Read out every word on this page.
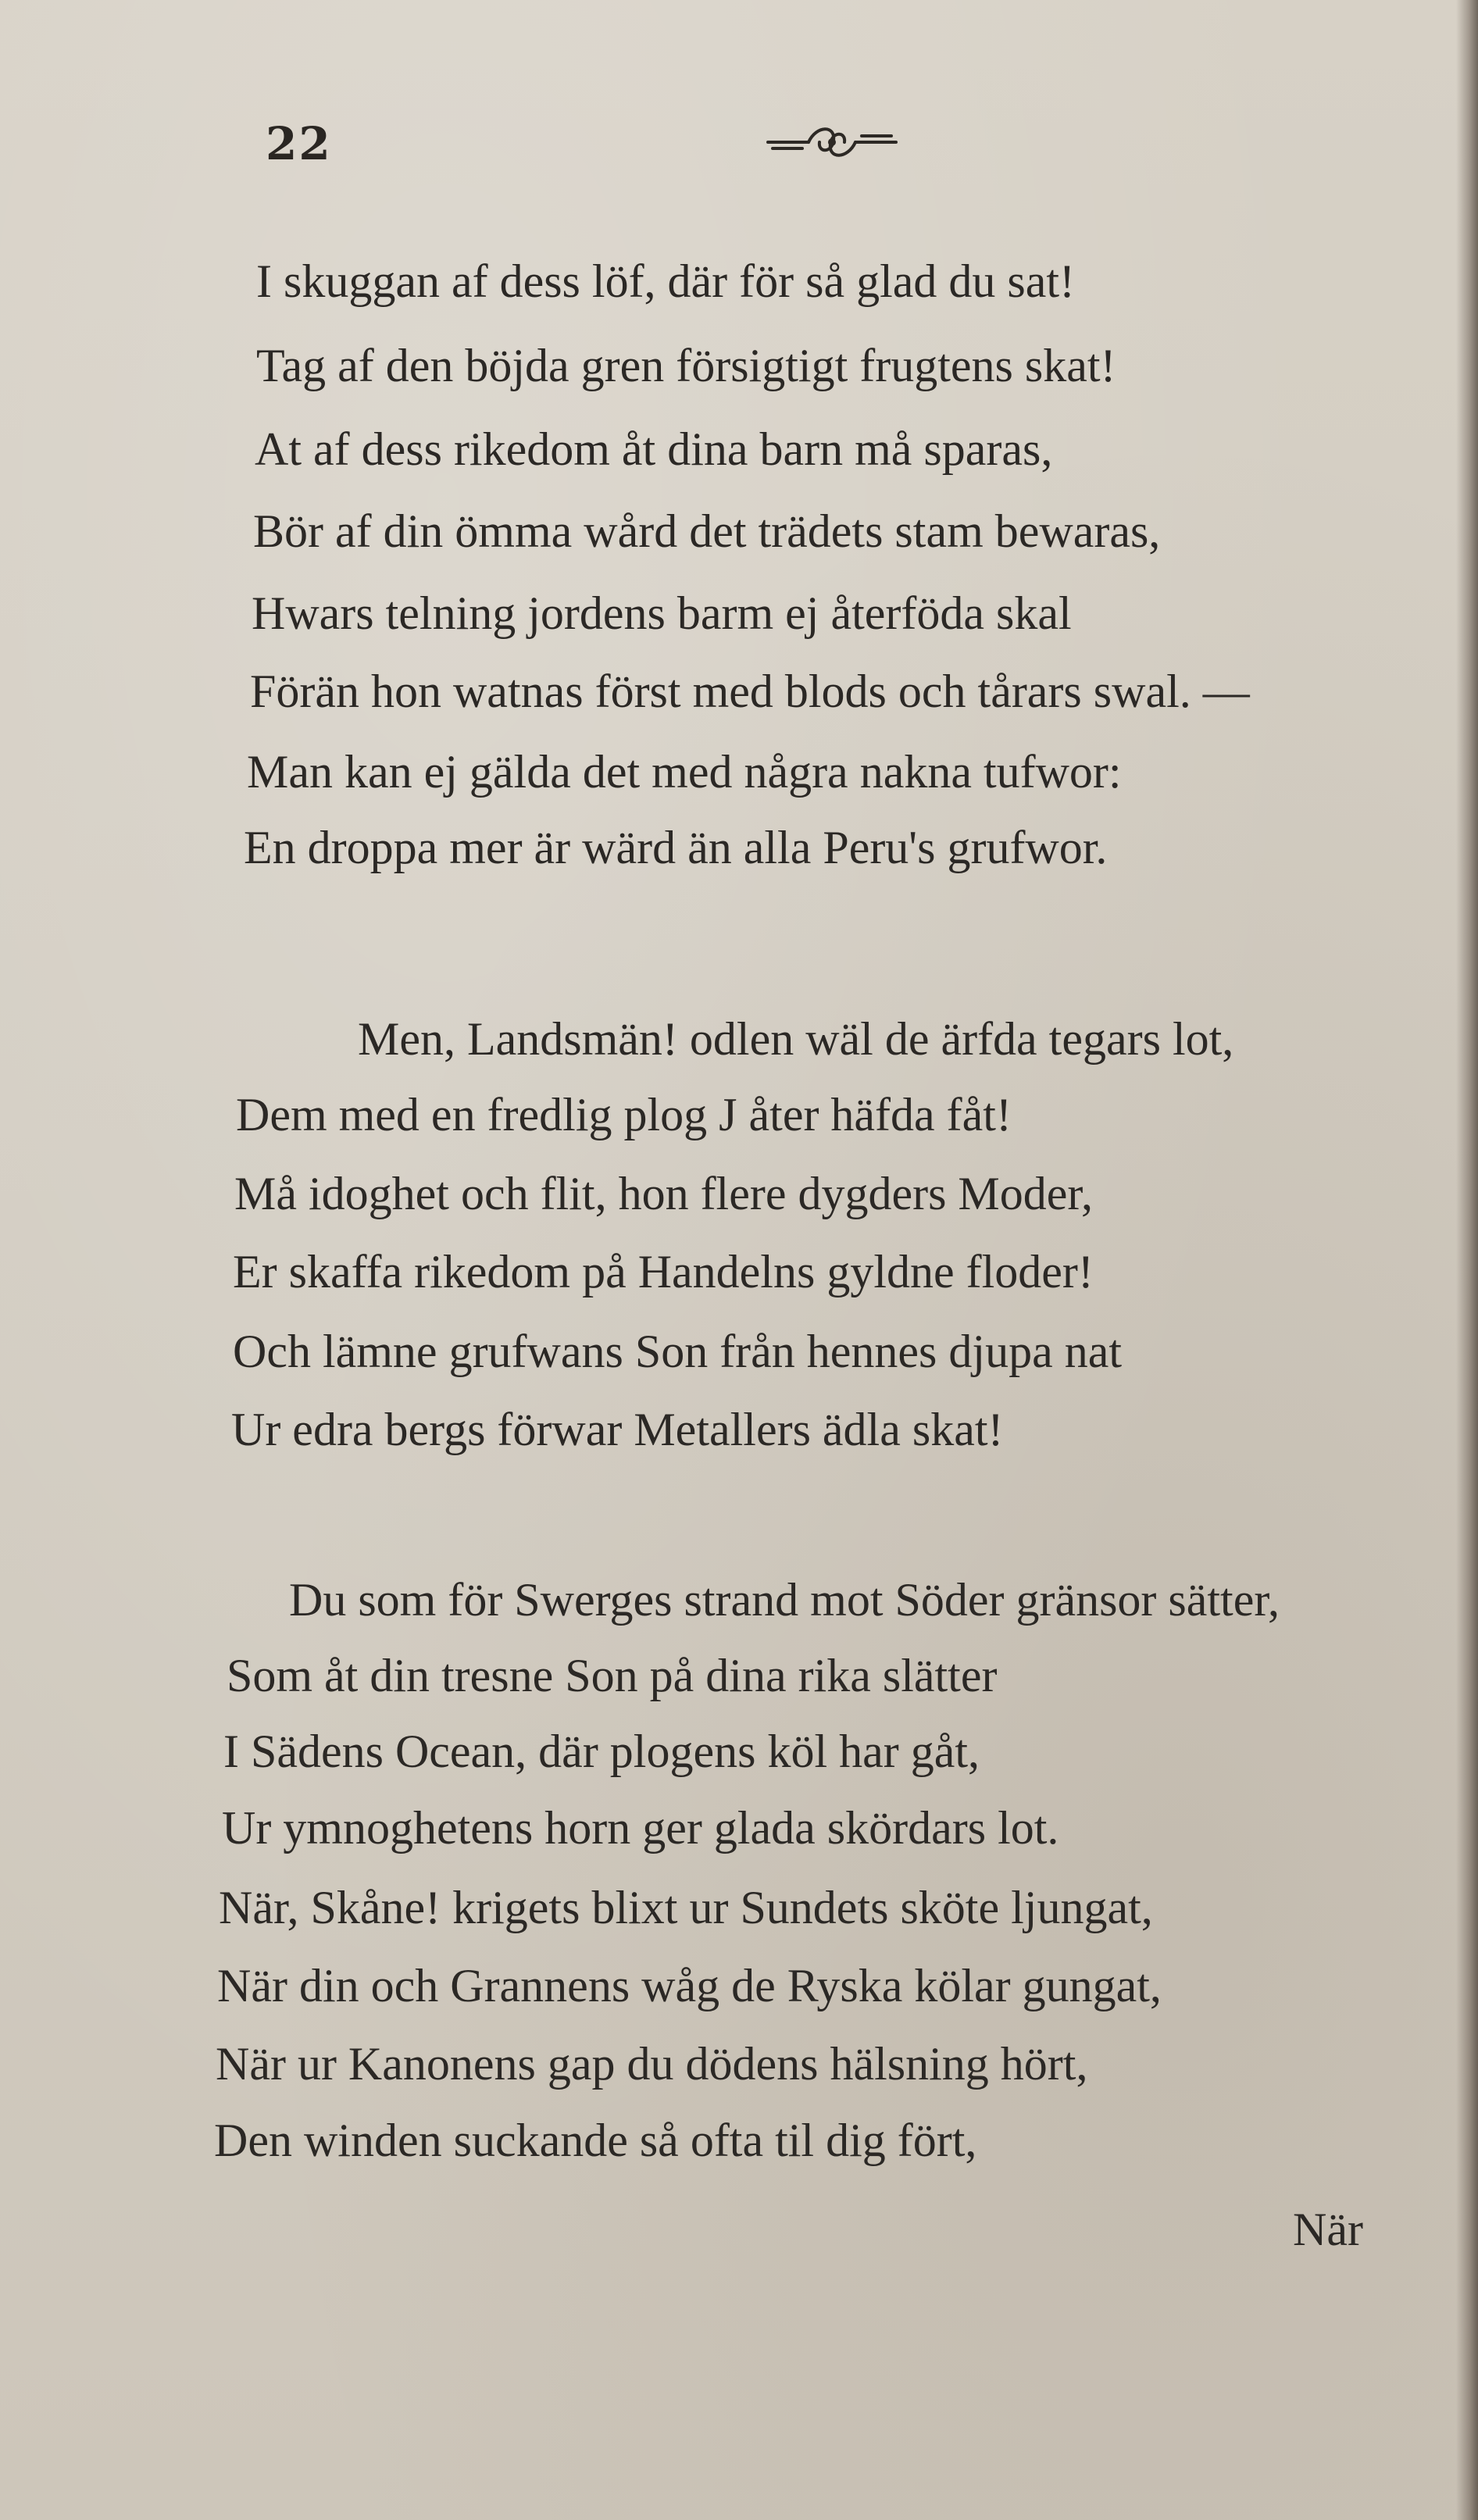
22
I skuggan af dess löf, där för så glad du sat!
Tag af den böjda gren försigtigt frugtens skat!
At af dess rikedom åt dina barn må sparas,
Bör af din ömma wård det trädets stam bewaras,
Hwars telning jordens barm ej återföda skal
Förän hon watnas först med blods och tårars swal. —
Man kan ej gälda det med några nakna tufwor:
En droppa mer är wärd än alla Peru's grufwor.
Men, Landsmän! odlen wäl de ärfda tegars lot,
Dem med en fredlig plog J åter häfda fåt!
Må idoghet och flit, hon flere dygders Moder,
Er skaffa rikedom på Handelns gyldne floder!
Och lämne grufwans Son från hennes djupa nat
Ur edra bergs förwar Metallers ädla skat!
Du som för Swerges strand mot Söder gränsor sätter,
Som åt din tresne Son på dina rika slätter
I Sädens Ocean, där plogens köl har gåt,
Ur ymnoghetens horn ger glada skördars lot.
När, Skåne! krigets blixt ur Sundets sköte ljungat,
När din och Grannens wåg de Ryska kölar gungat,
När ur Kanonens gap du dödens hälsning hört,
Den winden suckande så ofta til dig fört,
När
